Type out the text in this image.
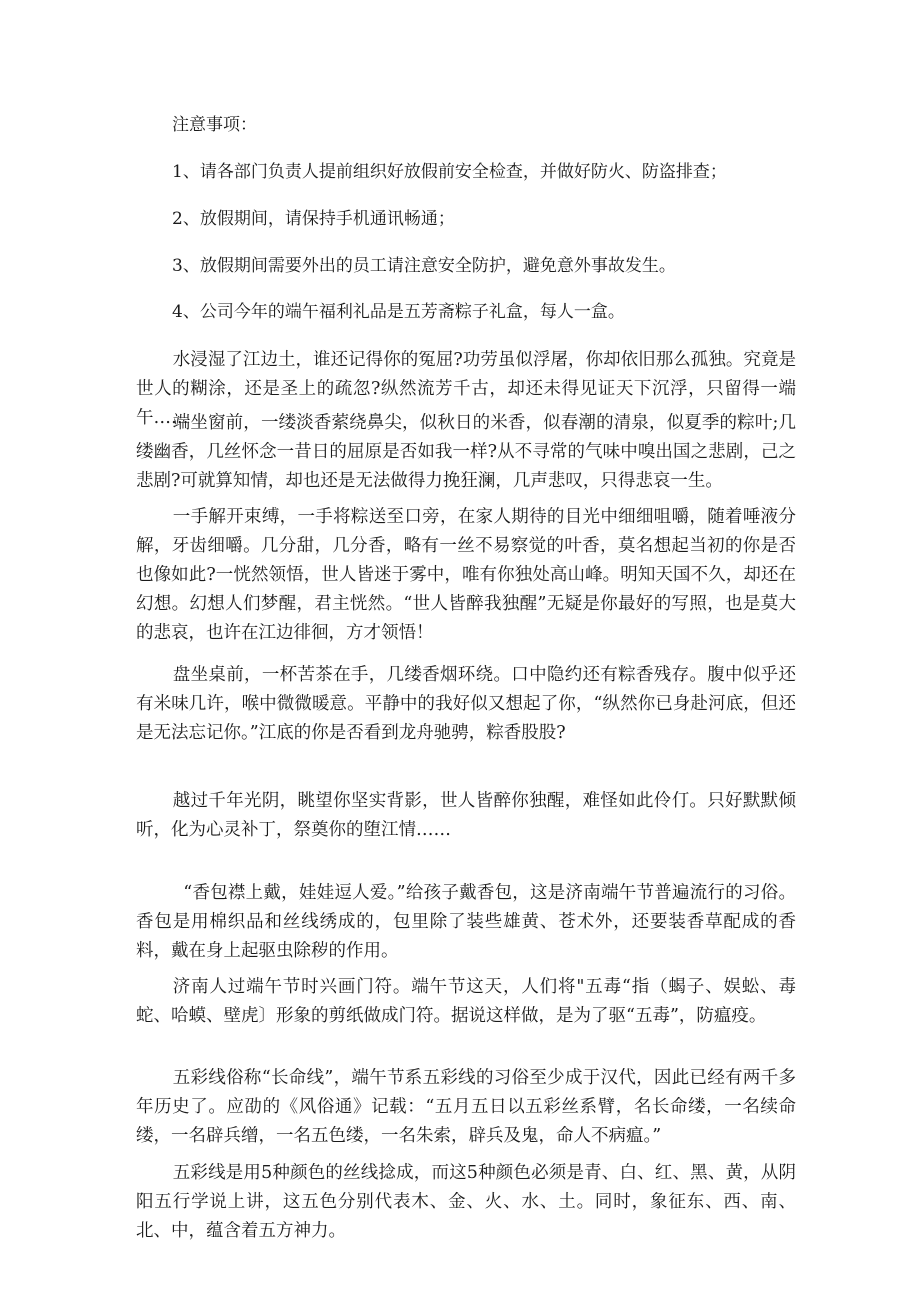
注意事项：

1、请各部门负责人提前组织好放假前安全检查，并做好防火、防盗排查；

2、放假期间，请保持手机通讯畅通；

3、放假期间需要外出的员工请注意安全防护，避免意外事故发生。

4、公司今年的端午福利礼品是五芳斋粽子礼盒，每人一盒。

水浸湿了江边土，谁还记得你的冤屈?功劳虽似浮屠，你却依旧那么孤独。究竟是世人的糊涂，还是圣上的疏忽?纵然流芳千古，却还未得见证天下沉浮，只留得一端午……

端坐窗前，一缕淡香萦绕鼻尖，似秋日的米香，似春潮的清泉，似夏季的粽叶;几缕幽香，几丝怀念一昔日的屈原是否如我一样?从不寻常的气味中嗅出国之悲剧，己之悲剧?可就算知情，却也还是无法做得力挽狂澜，几声悲叹，只得悲哀一生。

一手解开束缚，一手将粽送至口旁，在家人期待的目光中细细咀嚼，随着唾液分解，牙齿细嚼。几分甜，几分香，略有一丝不易察觉的叶香，莫名想起当初的你是否也像如此?一恍然领悟，世人皆迷于雾中，唯有你独处高山峰。明知天国不久，却还在幻想。幻想人们梦醒，君主恍然。“世人皆醉我独醒”无疑是你最好的写照，也是莫大的悲哀，也许在江边徘徊，方才领悟！

盘坐桌前，一杯苦茶在手，几缕香烟环绕。口中隐约还有粽香残存。腹中似乎还有米味几许，喉中微微暖意。平静中的我好似又想起了你，“纵然你已身赴河底，但还是无法忘记你。”江底的你是否看到龙舟驰骋，粽香股股?

越过千年光阴，眺望你坚实背影，世人皆醉你独醒，难怪如此伶仃。只好默默倾听，化为心灵补丁，祭奠你的堕江情……

“香包襟上戴，娃娃逗人爱。”给孩子戴香包，这是济南端午节普遍流行的习俗。香包是用棉织品和丝线绣成的，包里除了装些雄黄、苍术外，还要装香草配成的香料，戴在身上起驱虫除秽的作用。

济南人过端午节时兴画门符。端午节这天，人们将"五毒“指（蝎子、娱蚣、毒蛇、哈蟆、壁虎〕形象的剪纸做成门符。据说这样做，是为了驱“五毒”，防瘟疫。

五彩线俗称“长命线”，端午节系五彩线的习俗至少成于汉代，因此已经有两千多年历史了。应劭的《风俗通》记载：“五月五日以五彩丝系臂，名长命缕，一名续命缕，一名辟兵缯，一名五色缕，一名朱索，辟兵及鬼，命人不病瘟。”

五彩线是用5种颜色的丝线捻成，而这5种颜色必须是青、白、红、黑、黄，从阴阳五行学说上讲，这五色分别代表木、金、火、水、土。同时，象征东、西、南、北、中，蕴含着五方神力。
